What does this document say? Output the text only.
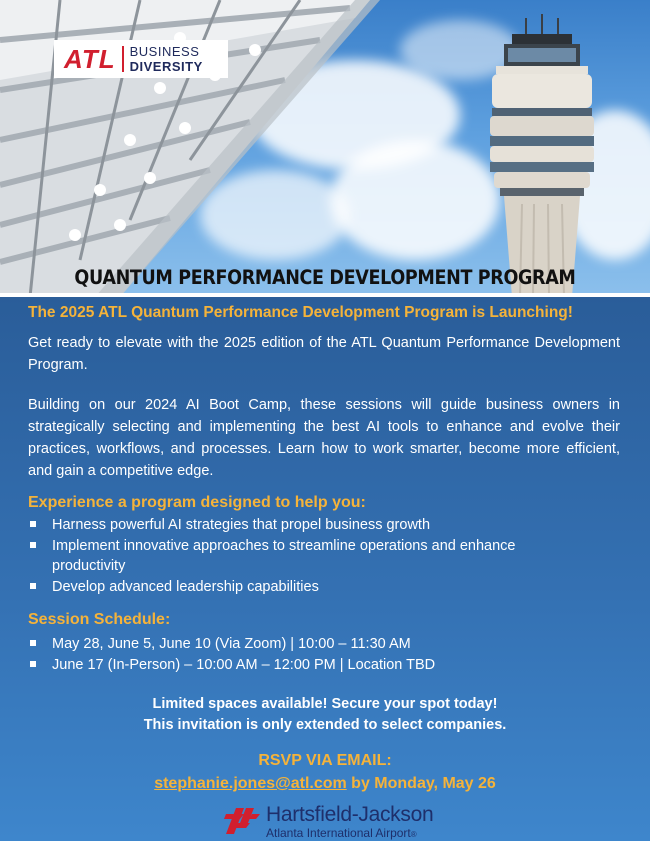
ATL	BUSINESS
DIVERSITY
QUANTUM PERFORMANCE DEVELOPMENT PROGRAM
The 2025 ATL Quantum Performance Development Program is Launching!
Get ready to elevate with the 2025 edition of the ATL Quantum Performance Development Program.
Building on our 2024 AI Boot Camp, these sessions will guide business owners in strategically selecting and implementing the best AI tools to enhance and evolve their practices, workflows, and processes. Learn how to work smarter, become more efficient, and gain a competitive edge.
Experience a program designed to help you:
Harness powerful AI strategies that propel business growth
Implement innovative approaches to streamline operations and enhance productivity
Develop advanced leadership capabilities
Session Schedule:
May 28, June 5, June 10 (Via Zoom) | 10:00 – 11:30 AM
June 17 (In-Person) – 10:00 AM – 12:00 PM | Location TBD
Limited spaces available! Secure your spot today!
This invitation is only extended to select companies.
RSVP VIA EMAIL:
stephanie.jones@atl.com by Monday, May 26
Hartsfield-Jackson
Atlanta International Airport®
